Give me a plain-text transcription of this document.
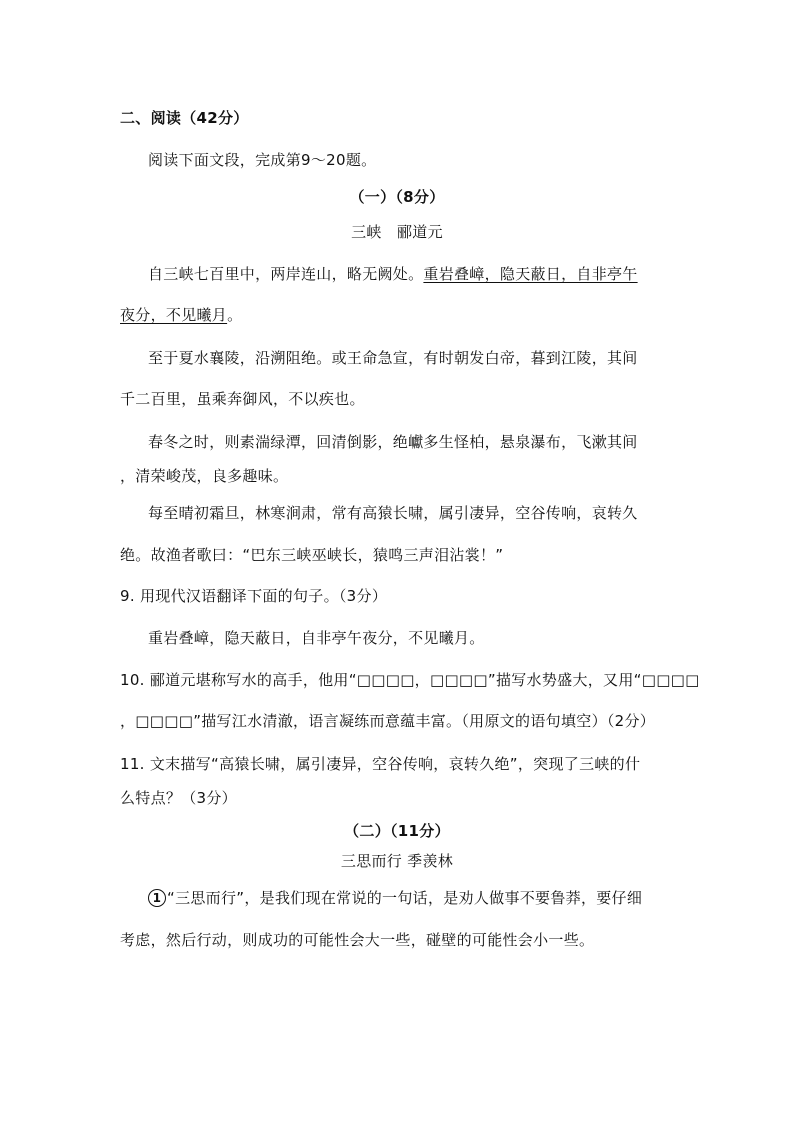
二、阅读（42分）
阅读下面文段，完成第9～20题。
（一）（8分）
三峡　郦道元
自三峡七百里中，两岸连山，略无阙处。重岩叠嶂，隐天蔽日，自非亭午
夜分，不见曦月。
至于夏水襄陵，沿溯阻绝。或王命急宣，有时朝发白帝，暮到江陵，其间
千二百里，虽乘奔御风，不以疾也。
春冬之时，则素湍绿潭，回清倒影，绝巘多生怪柏，悬泉瀑布，飞漱其间
，清荣峻茂，良多趣味。
每至晴初霜旦，林寒涧肃，常有高猿长啸，属引凄异，空谷传响，哀转久
绝。故渔者歌曰：“巴东三峡巫峡长，猿鸣三声泪沾裳！”
9. 用现代汉语翻译下面的句子。（3分）
重岩叠嶂，隐天蔽日，自非亭午夜分，不见曦月。
10. 郦道元堪称写水的高手，他用“□□□□，□□□□”描写水势盛大，又用“□□□□
，□□□□”描写江水清澈，语言凝练而意蕴丰富。（用原文的语句填空）（2分）
11. 文末描写“高猿长啸，属引凄异，空谷传响，哀转久绝”，突现了三峡的什
么特点？（3分）
（二）（11分）
三思而行 季羡林
1 “三思而行”，是我们现在常说的一句话，是劝人做事不要鲁莽，要仔细
考虑，然后行动，则成功的可能性会大一些，碰壁的可能性会小一些。
